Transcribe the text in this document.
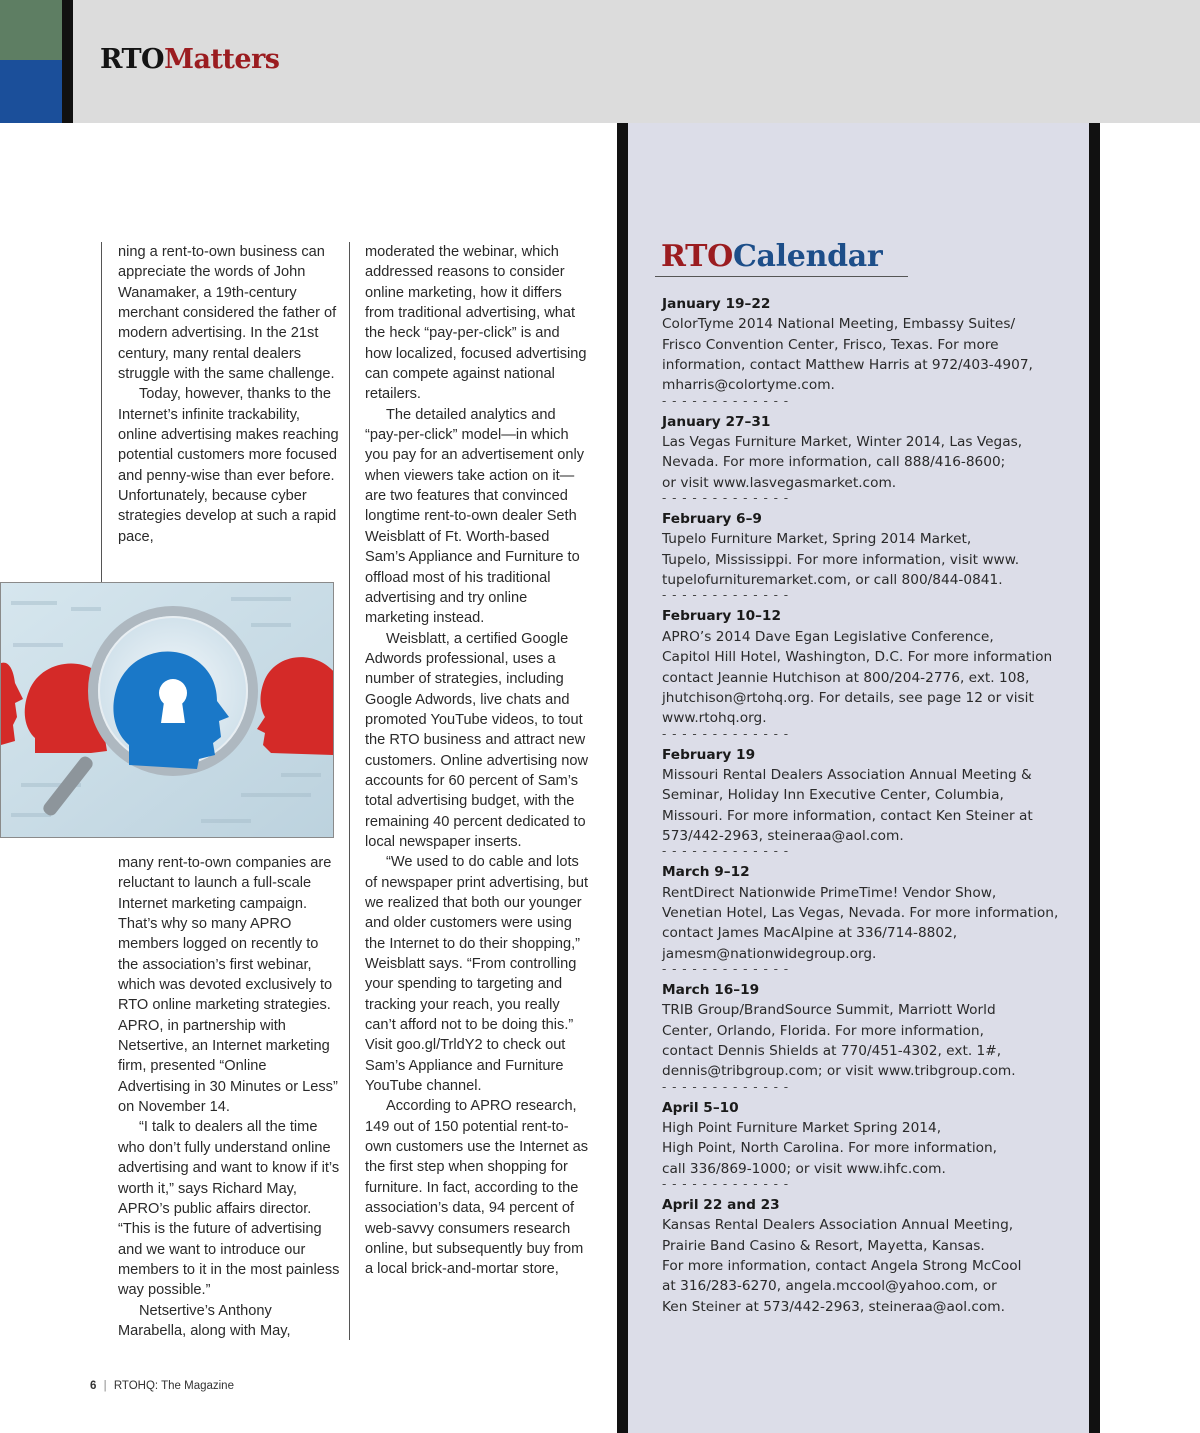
RTOMatters

ning a rent-to-own business can appreciate the words of John Wanamaker, a 19th-century merchant considered the father of modern advertising. In the 21st century, many rental dealers struggle with the same challenge.

Today, however, thanks to the Internet’s infinite trackability, online advertising makes reaching potential customers more focused and penny-wise than ever before. Unfortunately, because cyber strategies develop at such a rapid pace,

many rent-to-own companies are reluctant to launch a full-scale Internet marketing campaign. That’s why so many APRO members logged on recently to the association’s first webinar, which was devoted exclusively to RTO online marketing strategies. APRO, in partnership with Netsertive, an Internet marketing firm, presented “Online Advertising in 30 Minutes or Less” on November 14.

“I talk to dealers all the time who don’t fully understand online advertising and want to know if it’s worth it,” says Richard May, APRO’s public affairs director. “This is the future of advertising and we want to introduce our members to it in the most painless way possible.”

Netsertive’s Anthony Marabella, along with May,

moderated the webinar, which addressed reasons to consider online marketing, how it differs from traditional advertising, what the heck “pay-per-click” is and how localized, focused advertising can compete against national retailers.

The detailed analytics and “pay-per-click” model—in which you pay for an advertisement only when viewers take action on it—are two features that convinced longtime rent-to-own dealer Seth Weisblatt of Ft. Worth-based Sam’s Appliance and Furniture to offload most of his traditional advertising and try online marketing instead.

Weisblatt, a certified Google Adwords professional, uses a number of strategies, including Google Adwords, live chats and promoted YouTube videos, to tout the RTO business and attract new customers. Online advertising now accounts for 60 percent of Sam’s total advertising budget, with the remaining 40 percent dedicated to local newspaper inserts.

“We used to do cable and lots of newspaper print advertising, but we realized that both our younger and older customers were using the Internet to do their shopping,” Weisblatt says. “From controlling your spending to targeting and tracking your reach, you really can’t afford not to be doing this.” Visit goo.gl/TrldY2 to check out Sam’s Appliance and Furniture YouTube channel.

According to APRO research, 149 out of 150 potential rent-to-own customers use the Internet as the first step when shopping for furniture. In fact, according to the association’s data, 94 percent of web-savvy consumers research online, but subsequently buy from a local brick-and-mortar store,

6 | RTOHQ: The Magazine
RTOCalendar
January 19–22
ColorTyme 2014 National Meeting, Embassy Suites/
Frisco Convention Center, Frisco, Texas. For more
information, contact Matthew Harris at 972/403-4907,
mharris@colortyme.com.
- - - - - - - - - - - - -
January 27–31
Las Vegas Furniture Market, Winter 2014, Las Vegas,
Nevada. For more information, call 888/416-8600;
or visit www.lasvegasmarket.com.
- - - - - - - - - - - - -
February 6–9
Tupelo Furniture Market, Spring 2014 Market,
Tupelo, Mississippi. For more information, visit www.
tupelofurnituremarket.com, or call 800/844-0841.
- - - - - - - - - - - - -
February 10–12
APRO’s 2014 Dave Egan Legislative Conference,
Capitol Hill Hotel, Washington, D.C. For more information
contact Jeannie Hutchison at 800/204-2776, ext. 108,
jhutchison@rtohq.org. For details, see page 12 or visit
www.rtohq.org.
- - - - - - - - - - - - -
February 19
Missouri Rental Dealers Association Annual Meeting &
Seminar, Holiday Inn Executive Center, Columbia,
Missouri. For more information, contact Ken Steiner at
573/442-2963, steineraa@aol.com.
- - - - - - - - - - - - -
March 9–12
RentDirect Nationwide PrimeTime! Vendor Show,
Venetian Hotel, Las Vegas, Nevada. For more information,
contact James MacAlpine at 336/714-8802,
jamesm@nationwidegroup.org.
- - - - - - - - - - - - -
March 16–19
TRIB Group/BrandSource Summit, Marriott World
Center, Orlando, Florida. For more information,
contact Dennis Shields at 770/451-4302, ext. 1#,
dennis@tribgroup.com; or visit www.tribgroup.com.
- - - - - - - - - - - - -
April 5–10
High Point Furniture Market Spring 2014,
High Point, North Carolina. For more information,
call 336/869-1000; or visit www.ihfc.com.
- - - - - - - - - - - - -
April 22 and 23
Kansas Rental Dealers Association Annual Meeting,
Prairie Band Casino & Resort, Mayetta, Kansas.
For more information, contact Angela Strong McCool
at 316/283-6270, angela.mccool@yahoo.com, or
Ken Steiner at 573/442-2963, steineraa@aol.com.
